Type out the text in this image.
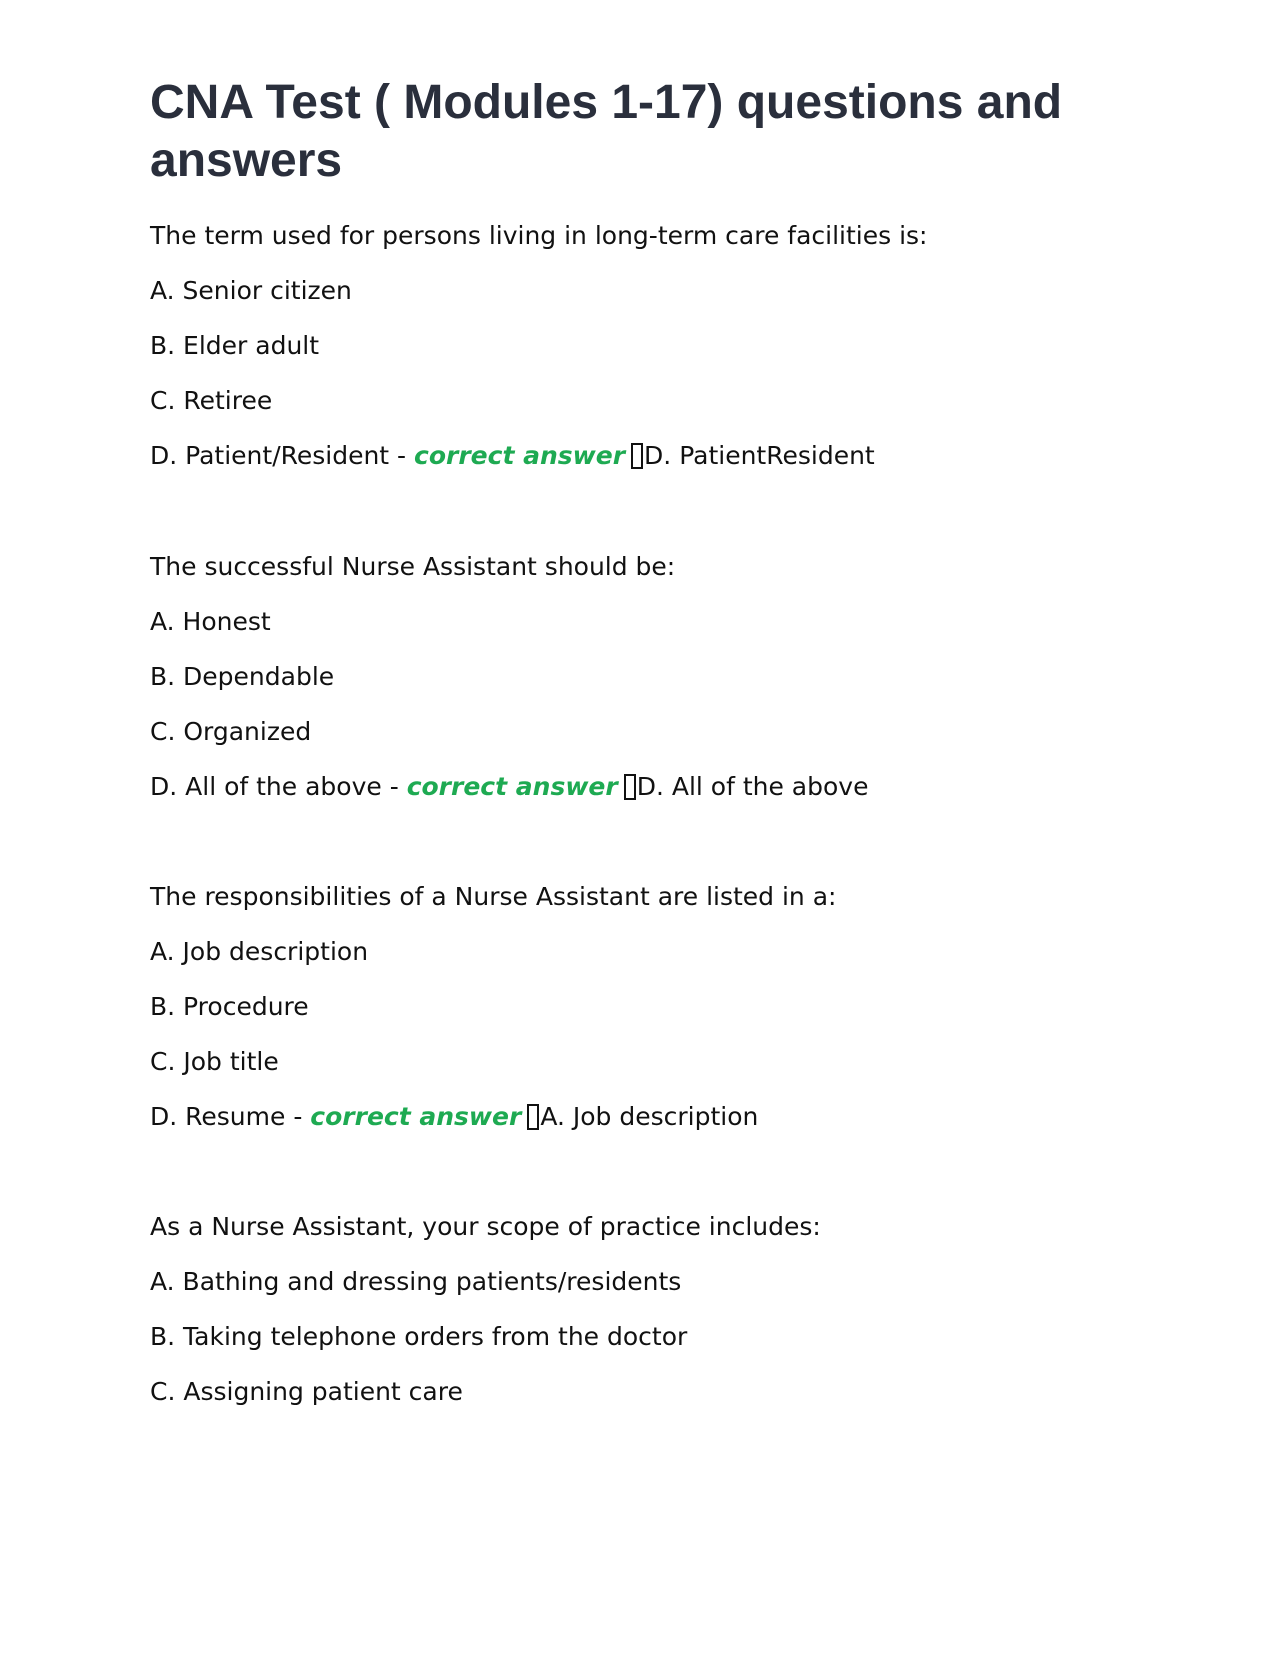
CNA Test ( Modules 1-17) questions and answers
The term used for persons living in long-term care facilities is:
A. Senior citizen
B. Elder adult
C. Retiree
D. Patient/Resident - correct answer D. PatientResident
The successful Nurse Assistant should be:
A. Honest
B. Dependable
C. Organized
D. All of the above - correct answer D. All of the above
The responsibilities of a Nurse Assistant are listed in a:
A. Job description
B. Procedure
C. Job title
D. Resume - correct answer A. Job description
As a Nurse Assistant, your scope of practice includes:
A. Bathing and dressing patients/residents
B. Taking telephone orders from the doctor
C. Assigning patient care
